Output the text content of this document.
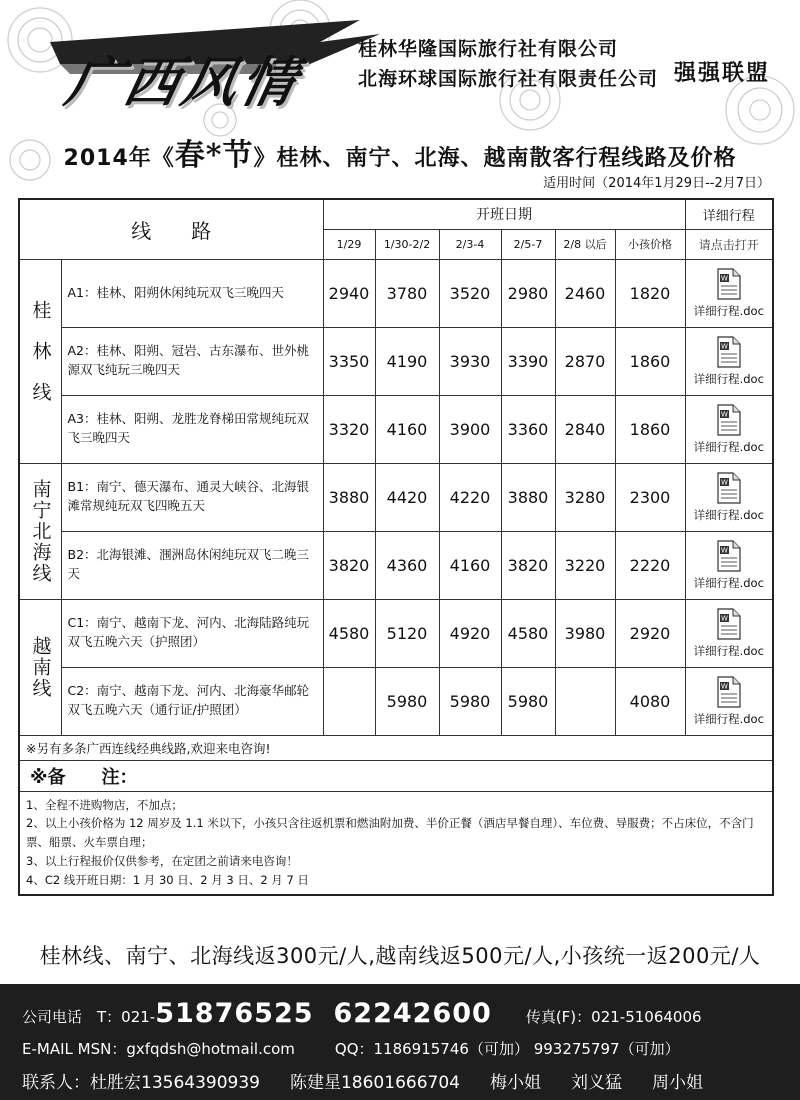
广西风情
桂林华隆国际旅行社有限公司
北海环球国际旅行社有限责任公司 强强联盟
2014年《春*节》桂林、南宁、北海、越南散客行程线路及价格
适用时间（2014年1月29日--2月7日）
线路		开班日期						详细行程
		1/29	1/30-2/2	2/3-4	2/5-7	2/8 以后	小孩价格	请点击打开
桂林线	A1：桂林、阳朔休闲纯玩双飞三晚四天	2940	3780	3520	2980	2460	1820	W
详细行程.doc

	A2：桂林、阳朔、冠岩、古东瀑布、世外桃源双飞纯玩三晚四天	3350	4190	3930	3390	2870	1860	W
详细行程.doc

	A3：桂林、阳朔、龙胜龙脊梯田常规纯玩双飞三晚四天	3320	4160	3900	3360	2840	1860	W
详细行程.doc

南宁北海线	B1：南宁、德天瀑布、通灵大峡谷、北海银滩常规纯玩双飞四晚五天	3880	4420	4220	3880	3280	2300	W
详细行程.doc

	B2：北海银滩、涠洲岛休闲纯玩双飞二晚三天	3820	4360	4160	3820	3220	2220	W
详细行程.doc

越南线	C1：南宁、越南下龙、河内、北海陆路纯玩双飞五晚六天（护照团）	4580	5120	4920	4580	3980	2920	W
详细行程.doc

	C2：南宁、越南下龙、河内、北海豪华邮轮双飞五晚六天（通行证/护照团）		5980	5980	5980		4080	W
详细行程.doc

※另有多条广西连线经典线路,欢迎来电咨询!								
※备　　注：								

1、全程不进购物店，不加点；
2、以上小孩价格为 12 周岁及 1.1 米以下，小孩只含往返机票和燃油附加费、半价正餐（酒店早餐自理）、车位费、导服费；不占床位，不含门票、船票、火车票自理；
3、以上行程报价仅供参考，在定团之前请来电咨询！
4、C2 线开班日期：1 月 30 日、2 月 3 日、2 月 7 日								
桂林线、南宁、北海线返300元/人,越南线返500元/人,小孩统一返200元/人
公司电话　T：021-51876525 62242600 传真(F)：021-51064006
E-MAIL MSN：gxfqdsh@hotmail.com	QQ：1186915746（可加） 993275797（可加）
联系人：杜胜宏13564390939 陈建星18601666704 梅小姐 刘义猛 周小姐
